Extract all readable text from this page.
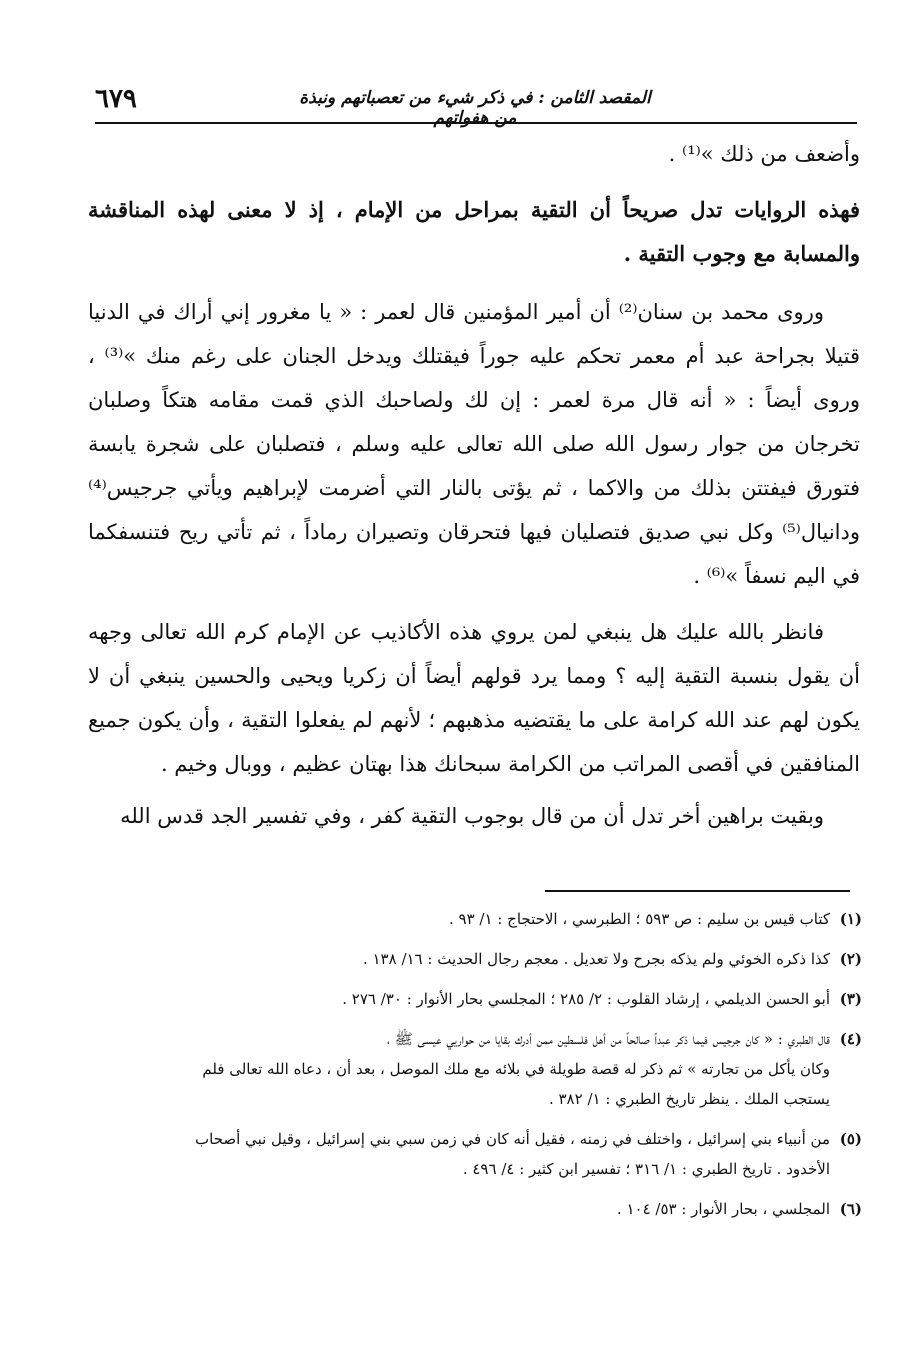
المقصد الثامن : في ذكر شيء من تعصباتهم ونبذة من هفواتهم
٦٧٩

وأضعف من ذلك »⁽¹⁾ .

فهذه الروايات تدل صريحاً أن التقية بمراحل من الإمام ، إذ لا معنى لهذه المناقشة والمسابة مع وجوب التقية .

وروى محمد بن سنان⁽²⁾ أن أمير المؤمنين قال لعمر : « يا مغرور إني أراك في الدنيا قتيلا بجراحة عبد أم معمر تحكم عليه جوراً فيقتلك ويدخل الجنان على رغم منك »⁽³⁾ ، وروى أيضاً : « أنه قال مرة لعمر : إن لك ولصاحبك الذي قمت مقامه هتكاً وصلبان تخرجان من جوار رسول الله صلى الله تعالى عليه وسلم ، فتصلبان على شجرة يابسة فتورق فيفتتن بذلك من والاكما ، ثم يؤتى بالنار التي أضرمت لإبراهيم ويأتي جرجيس⁽⁴⁾ ودانيال⁽⁵⁾ وكل نبي صديق فتصليان فيها فتحرقان وتصيران رماداً ، ثم تأتي ريح فتنسفكما في اليم نسفاً »⁽⁶⁾ .

فانظر بالله عليك هل ينبغي لمن يروي هذه الأكاذيب عن الإمام كرم الله تعالى وجهه أن يقول بنسبة التقية إليه ؟ ومما يرد قولهم أيضاً أن زكريا ويحيى والحسين ينبغي أن لا يكون لهم عند الله كرامة على ما يقتضيه مذهبهم ؛ لأنهم لم يفعلوا التقية ، وأن يكون جميع المنافقين في أقصى المراتب من الكرامة سبحانك هذا بهتان عظيم ، ووبال وخيم .

وبقيت براهين أخر تدل أن من قال بوجوب التقية كفر ، وفي تفسير الجد قدس الله

(١)
كتاب قيس بن سليم : ص ٥٩٣ ؛ الطبرسي ، الاحتجاج : ١/ ٩٣ .
(٢)
كذا ذكره الخوئي ولم يذكه بجرح ولا تعديل . معجم رجال الحديث : ١٦/ ١٣٨ .
(٣)
أبو الحسن الديلمي ، إرشاد القلوب : ٢/ ٢٨٥ ؛ المجلسي بحار الأنوار : ٣٠/ ٢٧٦ .
(٤)
قال الطبري : « كان جرجيس فيما ذكر عبداً صالحاً من أهل فلسطين ممن أدرك بقايا من حواريي عيسى ﷺ ،
وكان يأكل من تجارته » ثم ذكر له قصة طويلة في بلائه مع ملك الموصل ، بعد أن ، دعاه الله تعالى فلم
يستجب الملك . ينظر تاريخ الطبري : ١/ ٣٨٢ .
(٥)
من أنبياء بني إسرائيل ، واختلف في زمنه ، فقيل أنه كان في زمن سبي بني إسرائيل ، وقيل نبي أصحاب
الأخدود . تاريخ الطبري : ١/ ٣١٦ ؛ تفسير ابن كثير : ٤/ ٤٩٦ .
(٦)
المجلسي ، بحار الأنوار : ٥٣/ ١٠٤ .
